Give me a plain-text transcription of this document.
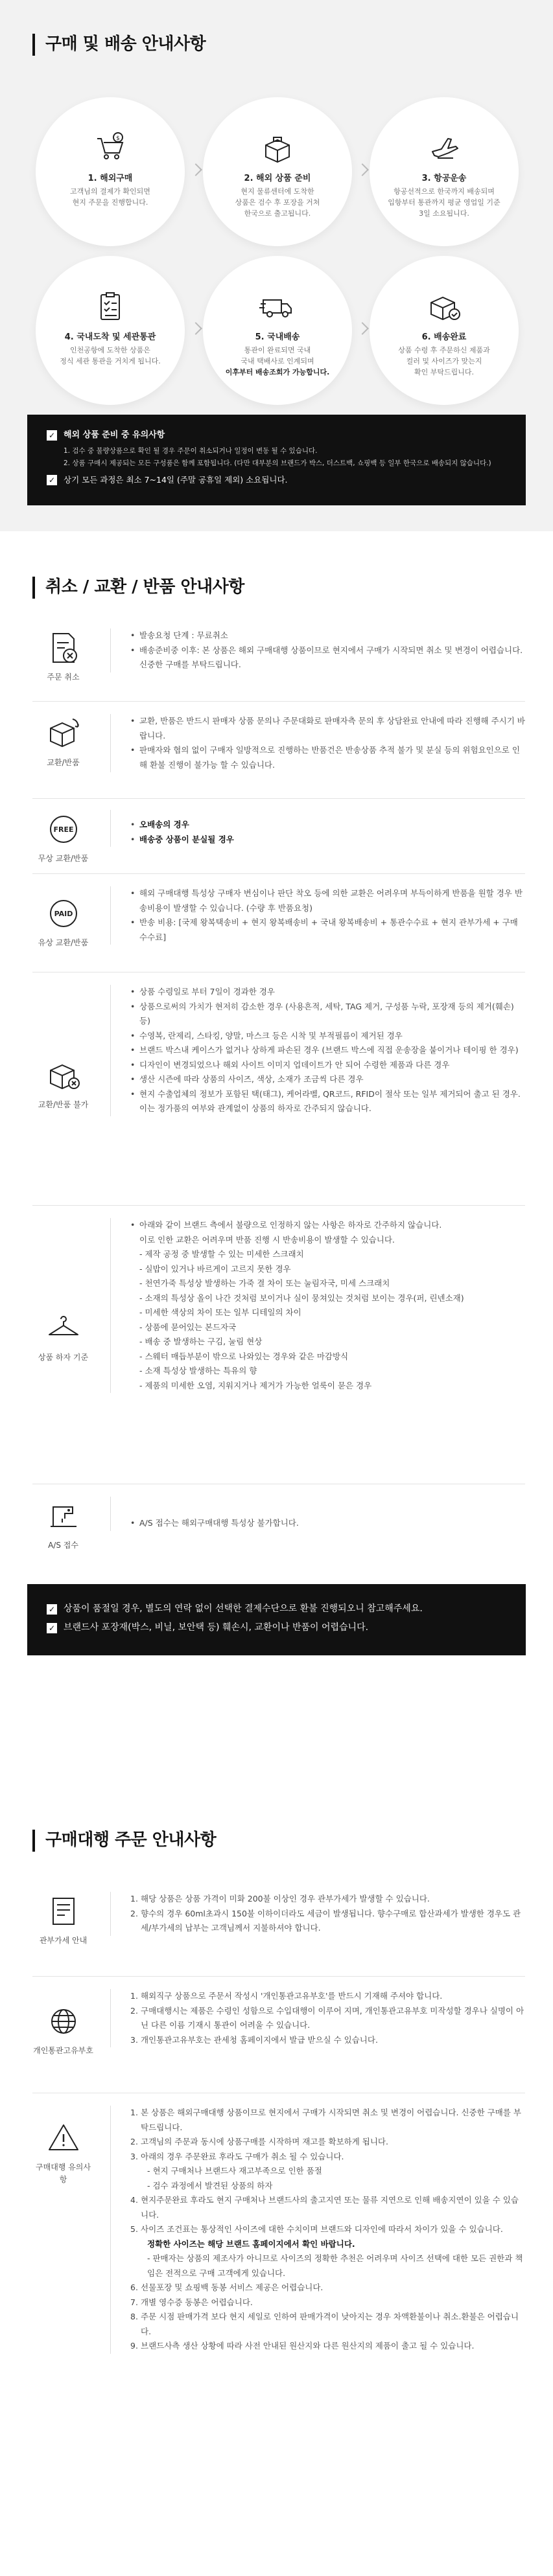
구매 및 배송 안내사항
$
1. 해외구매
고객님의 결제가 확인되면
현지 주문을 진행합니다.
2. 해외 상품 준비
현지 물류센터에 도착한
상품은 검수 후 포장을 거쳐
한국으로 출고됩니다.
3. 항공운송
항공선적으로 한국까지 배송되며
입항부터 통관까지 평균 영업일 기준
3일 소요됩니다.
4. 국내도착 및 세관통관
인천공항에 도착한 상품은
정식 세관 통관을 거치게 됩니다.
5. 국내배송
통관이 완료되면 국내
국내 택배사로 인계되며
이후부터 배송조회가 가능합니다.
6. 배송완료
상품 수령 후 주문하신 제품과
컬러 및 사이즈가 맞는지
확인 부탁드립니다.
✓ 해외 상품 준비 중 유의사항
1. 검수 중 불량상품으로 확인 될 경우 주문이 취소되거나 일정이 변동 될 수 있습니다.
2. 상품 구매시 제공되는 모든 구성품은 함께 포함됩니다. (다만 대부분의 브랜드가 박스, 더스트백, 쇼핑백 등 일부 한국으로 배송되지 않습니다.)
✓ 상기 모든 과정은 최소 7~14일 (주말 공휴일 제외) 소요됩니다.
취소 / 교환 / 반품 안내사항
주문 취소
• 발송요청 단계 : 무료취소
• 배송준비중 이후: 본 상품은 해외 구매대행 상품이므로 현지에서 구매가 시작되면 취소 및 변경이 어렵습니다. 신중한 구매를 부탁드립니다.
교환/반품
• 교환, 반품은 반드시 판매자 상품 문의나 주문대화로 판매자측 문의 후 상담완료 안내에 따라 진행해 주시기 바랍니다.
• 판매자와 협의 없이 구매자 일방적으로 진행하는 반품건은 반송상품 추적 불가 및 분실 등의 위험요인으로 인해 환불 진행이 불가능 할 수 있습니다.
FREE
무상 교환/반품
• 오배송의 경우
• 배송중 상품이 분실될 경우
PAID
유상 교환/반품
• 해외 구매대행 특성상 구매자 변심이나 판단 착오 등에 의한 교환은 어려우며 부득이하게 반품을 원할 경우 반송비용이 발생할 수 있습니다. (수량 후 반품요청)
• 반송 비용: [국제 왕복택송비 + 현지 왕복배송비 + 국내 왕복배송비 + 통관수수료 + 현지 관부가세 + 구매 수수료]
교환/반품 불가
• 상품 수령일로 부터 7일이 경과한 경우
• 상품으로써의 가치가 현저히 감소한 경우 (사용흔적, 세탁, TAG 제거, 구성품 누락, 포장재 등의 제거(훼손) 등)
• 수영복, 란제리, 스타킹, 양말, 마스크 등은 시착 및 부적필름이 제거된 경우
• 브랜드 박스내 케이스가 없거나 상하게 파손된 경우 (브랜드 박스에 직접 운송장을 붙이거나 테이핑 한 경우)
• 디자인이 변경되었으나 해외 사이트 이미지 업데이트가 안 되어 수령한 제품과 다른 경우
• 생산 시즌에 따라 상품의 사이즈, 색상, 소재가 조금씩 다른 경우
• 현지 수출업체의 정보가 포함된 택(태그), 케어라벨, QR코드, RFID이 절삭 또는 일부 제거되어 출고 된 경우. 이는 정가품의 여부와 관계없이 상품의 하자로 간주되지 않습니다.
상품 하자 기준
• 아래와 같이 브랜드 측에서 불량으로 인정하지 않는 사항은 하자로 간주하지 않습니다.
이로 인한 교환은 어려우며 반품 진행 시 반송비용이 발생할 수 있습니다.
- 제작 공정 중 발생할 수 있는 미세한 스크래치
- 실밥이 있거나 바르게이 고르지 못한 경우
- 천연가죽 특성상 발생하는 가죽 결 차이 또는 눌림자국, 미세 스크래치
- 소재의 특성상 올이 나간 것처럼 보이거나 실이 뭉쳐있는 것처럼 보이는 경우(퍼, 린넨소재)
- 미세한 색상의 차이 또는 일부 디테일의 차이
- 상품에 묻어있는 본드자국
- 배송 중 발생하는 구김, 눌림 현상
- 스웨터 매듭부분이 밖으로 나와있는 경우와 같은 마감방식
- 소재 특성상 발생하는 특유의 향
- 제품의 미세한 오염, 지워지거나 제거가 가능한 얼룩이 묻은 경우
A/S 접수
• A/S 접수는 해외구매대행 특성상 불가합니다.
✓ 상품이 품절일 경우, 별도의 연락 없이 선택한 결제수단으로 환불 진행되오니 참고해주세요.
✓ 브랜드사 포장재(박스, 비닐, 보안택 등) 훼손시, 교환이나 반품이 어렵습니다.
구매대행 주문 안내사항
관부가세 안내
1. 해당 상품은 상품 가격이 미화 200불 이상인 경우 관부가세가 발생할 수 있습니다.
2. 향수의 경우 60ml초과시 150불 이하이더라도 세금이 발생됩니다. 향수구매로 합산과세가 발생한 경우도 관세/부가세의 납부는 고객님께서 지불하셔야 합니다.
개인통관고유부호
1. 해외직구 상품으로 주문서 작성시 '개인통관고유부호'를 반드시 기재해 주셔야 합니다.
2. 구매대행시는 제품은 수령인 성함으로 수입대행이 이루어 지며, 개인통관고유부호 미작성할 경우나 실명이 아닌 다른 이름 기재시 통관이 어려울 수 있습니다.
3. 개인통관고유부호는 관세청 홈페이지에서 발급 받으실 수 있습니다.
구매대행 유의사항
1. 본 상품은 해외구매대행 상품이므로 현지에서 구매가 시작되면 취소 및 변경이 어렵습니다. 신중한 구매를 부탁드립니다.
2. 고객님의 주문과 동시에 상품구매를 시작하며 재고를 확보하게 됩니다.
3. 아래의 경우 주문완료 후라도 구매가 취소 될 수 있습니다.
- 현지 구매처나 브랜드사 재고부족으로 인한 품절
- 검수 과정에서 발견된 상품의 하자
4. 현지주문완료 후라도 현지 구매처나 브랜드사의 출고지연 또는 물류 지연으로 인해 배송지연이 있을 수 있습니다.
5. 사이즈 조건표는 통상적인 사이즈에 대한 수치이며 브랜드와 디자인에 따라서 차이가 있을 수 있습니다.
정확한 사이즈는 해당 브랜드 홈페이지에서 확인 바랍니다.
- 판매자는 상품의 제조사가 아니므로 사이즈의 정확한 추천은 어려우며 사이즈 선택에 대한 모든 권한과 책임은 전적으로 구매 고객에게 있습니다.
6. 선물포장 및 쇼핑백 동봉 서비스 제공은 어렵습니다.
7. 개별 영수증 동봉은 어렵습니다.
8. 주문 시점 판매가격 보다 현지 세일로 인하여 판매가격이 낮아지는 경우 차액환불이나 취소.환불은 어렵습니다.
9. 브랜드사측 생산 상황에 따라 사전 안내된 원산지와 다른 원산지의 제품이 출고 될 수 있습니다.
